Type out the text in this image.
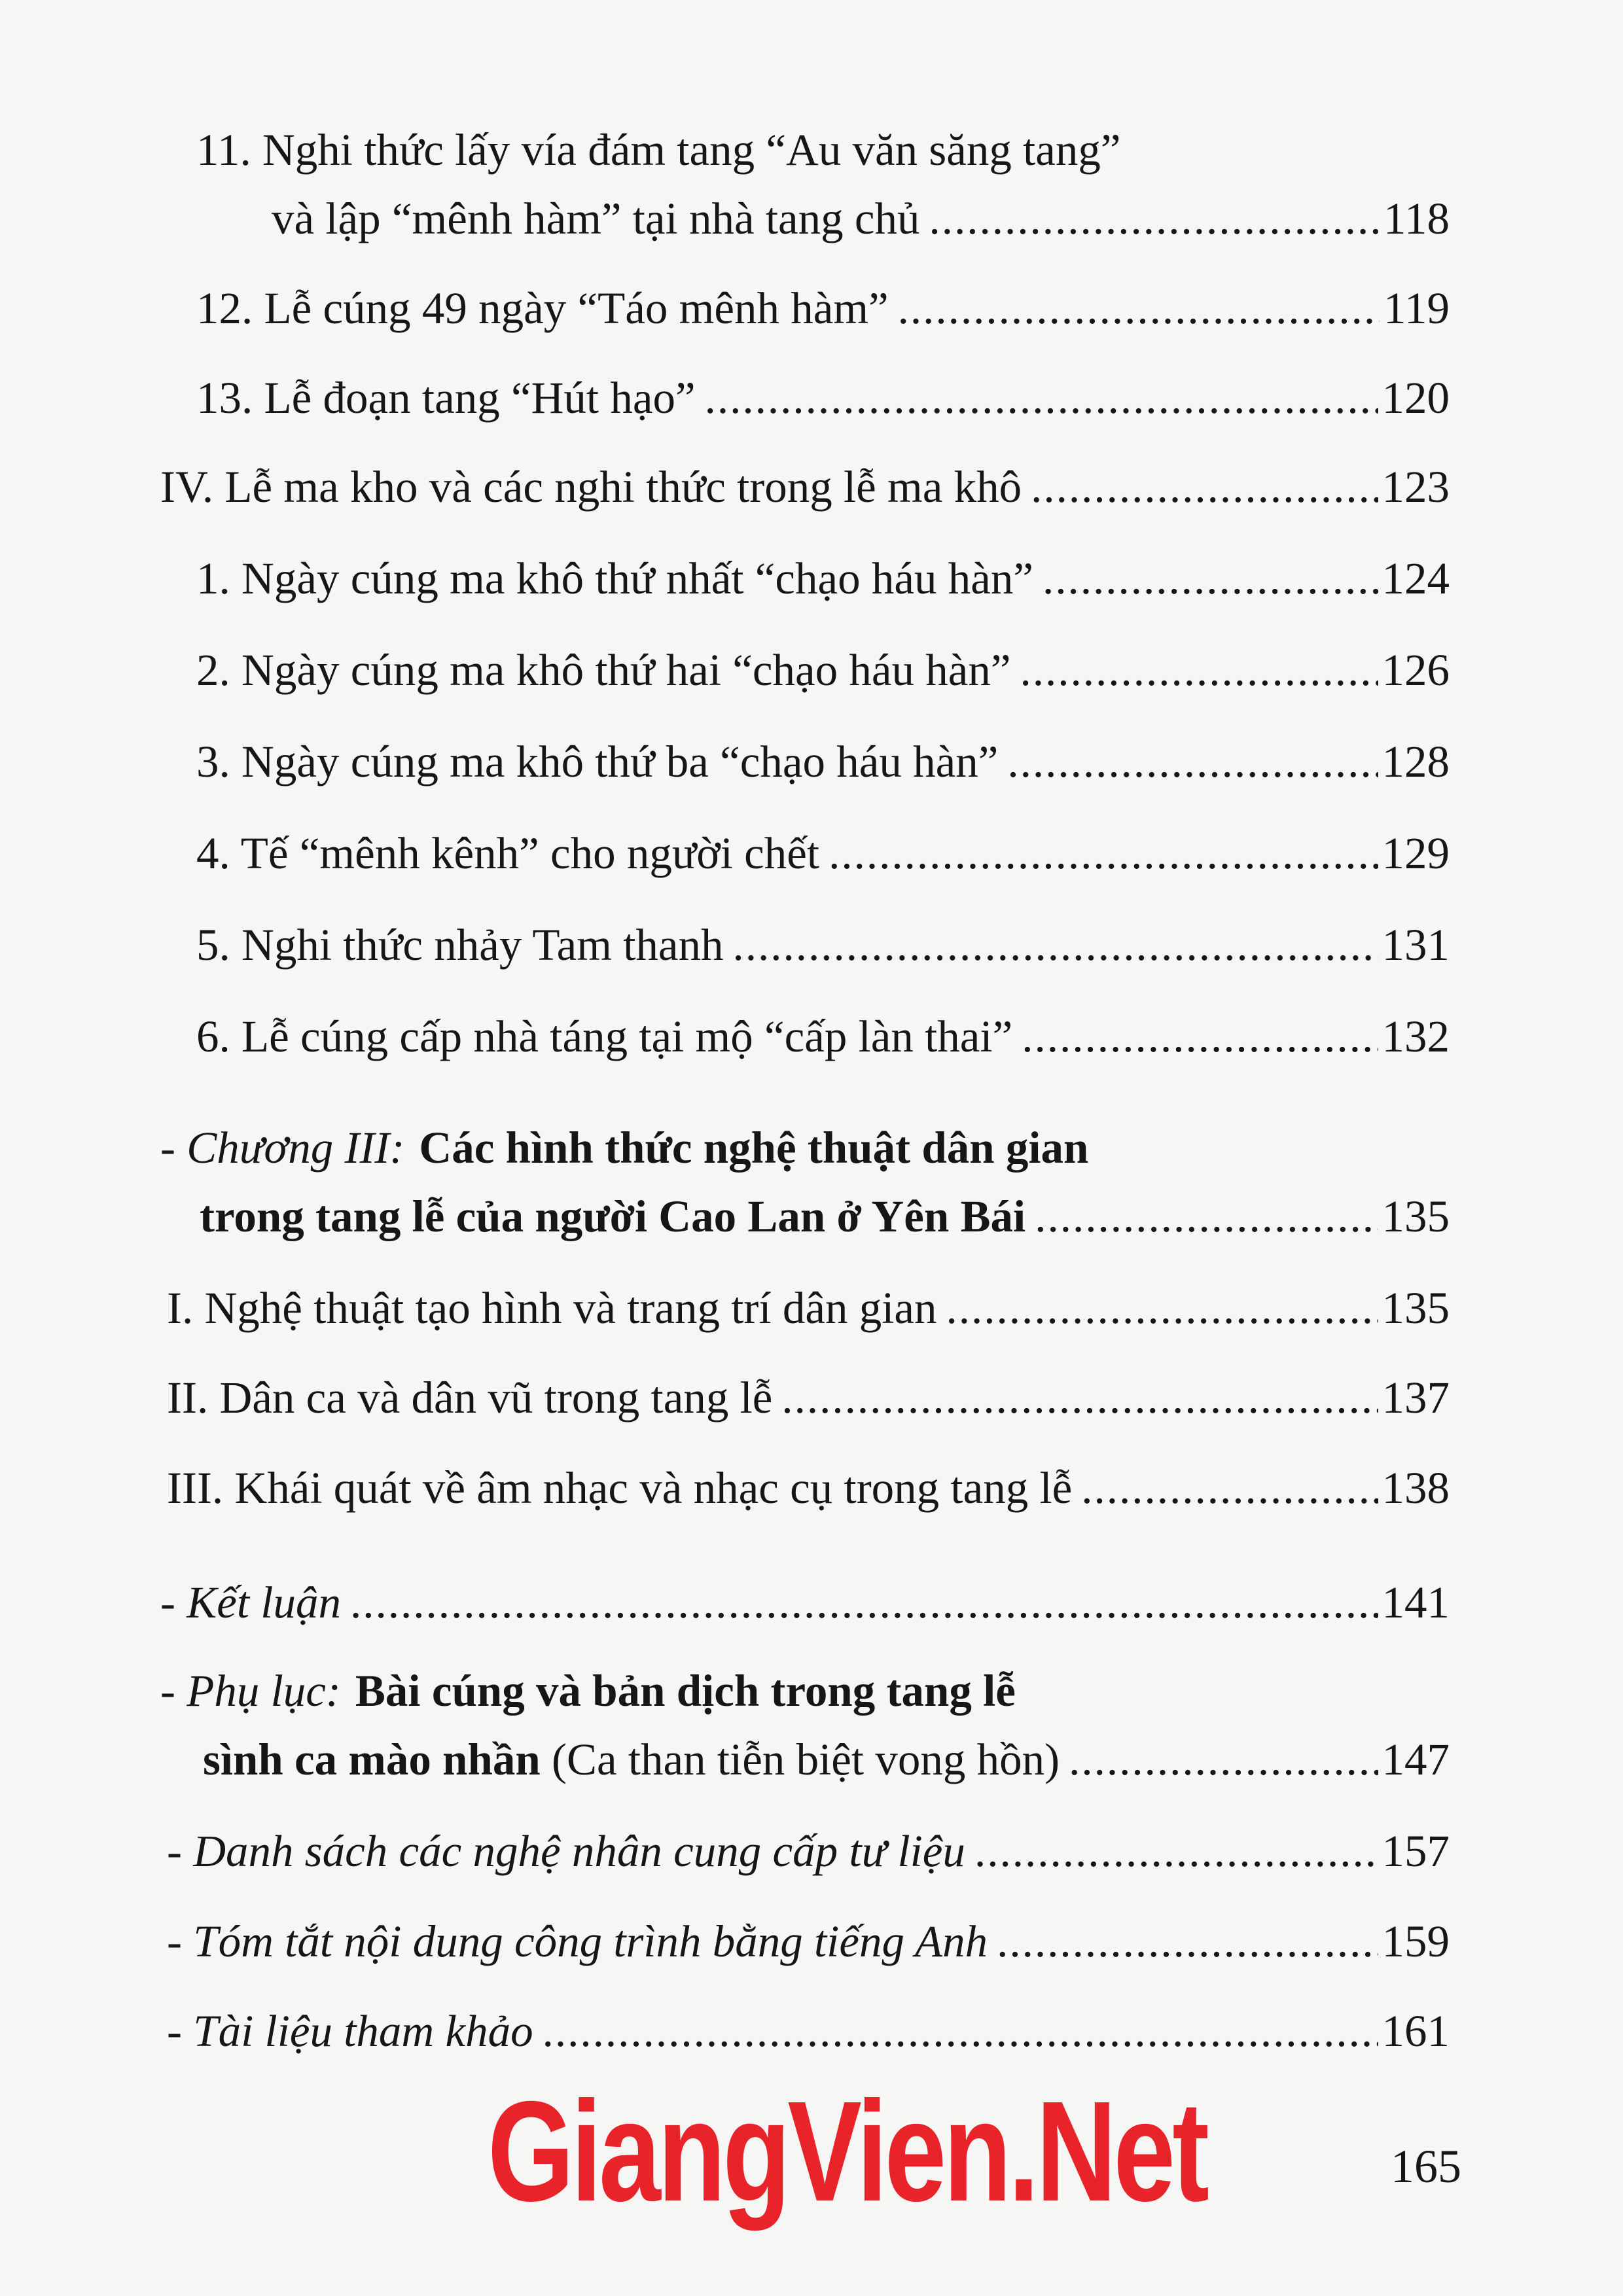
11. Nghi thức lấy vía đám tang “Au văn săng tang”
và lập “mênh hàm” tại nhà tang chủ .....	118
12. Lễ cúng 49 ngày “Táo mênh hàm” .....	119
13. Lễ đoạn tang “Hút hạo” .....	120
IV. Lễ ma kho và các nghi thức trong lễ ma khô .....	123
1. Ngày cúng ma khô thứ nhất “chạo háu hàn” .....	124
2. Ngày cúng ma khô thứ hai “chạo háu hàn” .....	126
3. Ngày cúng ma khô thứ ba “chạo háu hàn” .....	128
4. Tế “mênh kênh” cho người chết .....	129
5. Nghi thức nhảy Tam thanh .....	131
6. Lễ cúng cấp nhà táng tại mộ “cấp làn thai” .....	132
- Chương III: Các hình thức nghệ thuật dân gian
trong tang lễ của người Cao Lan ở Yên Bái .....	135
I. Nghệ thuật tạo hình và trang trí dân gian .....	135
II. Dân ca và dân vũ trong tang lễ .....	137
III. Khái quát về âm nhạc và nhạc cụ trong tang lễ .....	138
- Kết luận .....	141
- Phụ lục: Bài cúng và bản dịch trong tang lễ
sình ca mào nhần (Ca than tiễn biệt vong hồn) .....	147
- Danh sách các nghệ nhân cung cấp tư liệu .....	157
- Tóm tắt nội dung công trình bằng tiếng Anh .....	159
- Tài liệu tham khảo .....	161
GiangVien.Net	165
